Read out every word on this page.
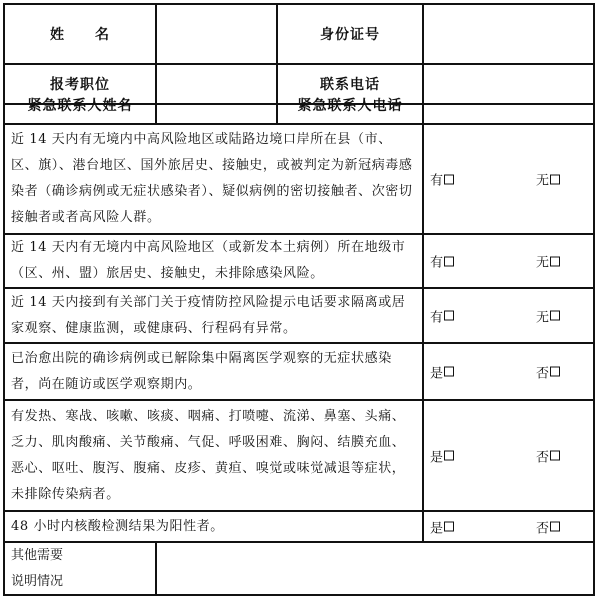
姓　　名	身份证号
报考职位	联系电话
紧急联系人姓名	紧急联系人电话
近 14 天内有无境内中高风险地区或陆路边境口岸所在县（市、区、旗）、港台地区、国外旅居史、接触史，或被判定为新冠病毒感染者（确诊病例或无症状感染者）、疑似病例的密切接触者、次密切接触者或者高风险人群。
有	无
近 14 天内有无境内中高风险地区（或新发本土病例）所在地级市（区、州、盟）旅居史、接触史，未排除感染风险。
有	无
近 14 天内接到有关部门关于疫情防控风险提示电话要求隔离或居家观察、健康监测，或健康码、行程码有异常。
有	无
已治愈出院的确诊病例或已解除集中隔离医学观察的无症状感染者，尚在随访或医学观察期内。
是	否
有发热、寒战、咳嗽、咳痰、咽痛、打喷嚏、流涕、鼻塞、头痛、乏力、肌肉酸痛、关节酸痛、气促、呼吸困难、胸闷、结膜充血、恶心、呕吐、腹泻、腹痛、皮疹、黄疸、嗅觉或味觉减退等症状，未排除传染病者。
是	否
48 小时内核酸检测结果为阳性者。	是	否
其他需要
说明情况
